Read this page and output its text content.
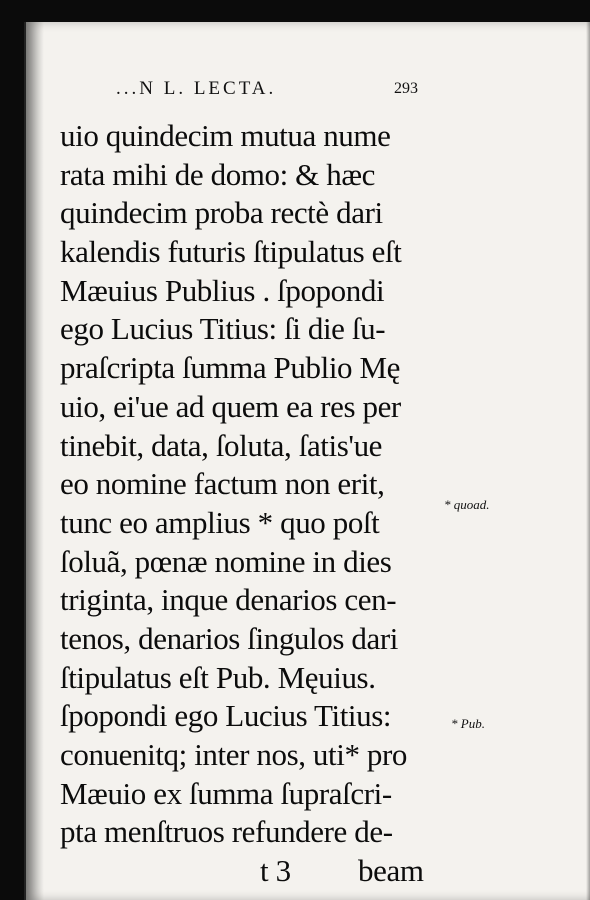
...N L. LECTA.	293
uio quindecim mutua nume
rata mihi de domo: & hæc
quindecim proba rectè dari
kalendis futuris ſtipulatus eſt
Mæuius Publius . ſpopondi
ego Lucius Titius: ſi die ſu-
praſcripta ſumma Publio Mę
uio, ei'ue ad quem ea res per
tinebit, data, ſoluta, ſatis'ue
eo nomine factum non erit,
tunc eo amplius * quo poſt
ſoluã, pœnæ nomine in dies
triginta, inque denarios cen-
tenos, denarios ſingulos dari
ſtipulatus eſt Pub. Męuius.
ſpopondi ego Lucius Titius:
conuenitq; inter nos, uti* pro
Mæuio ex ſumma ſupraſcri-
pta menſtruos refundere de-
t 3 beam
* quoad.
* Pub.
